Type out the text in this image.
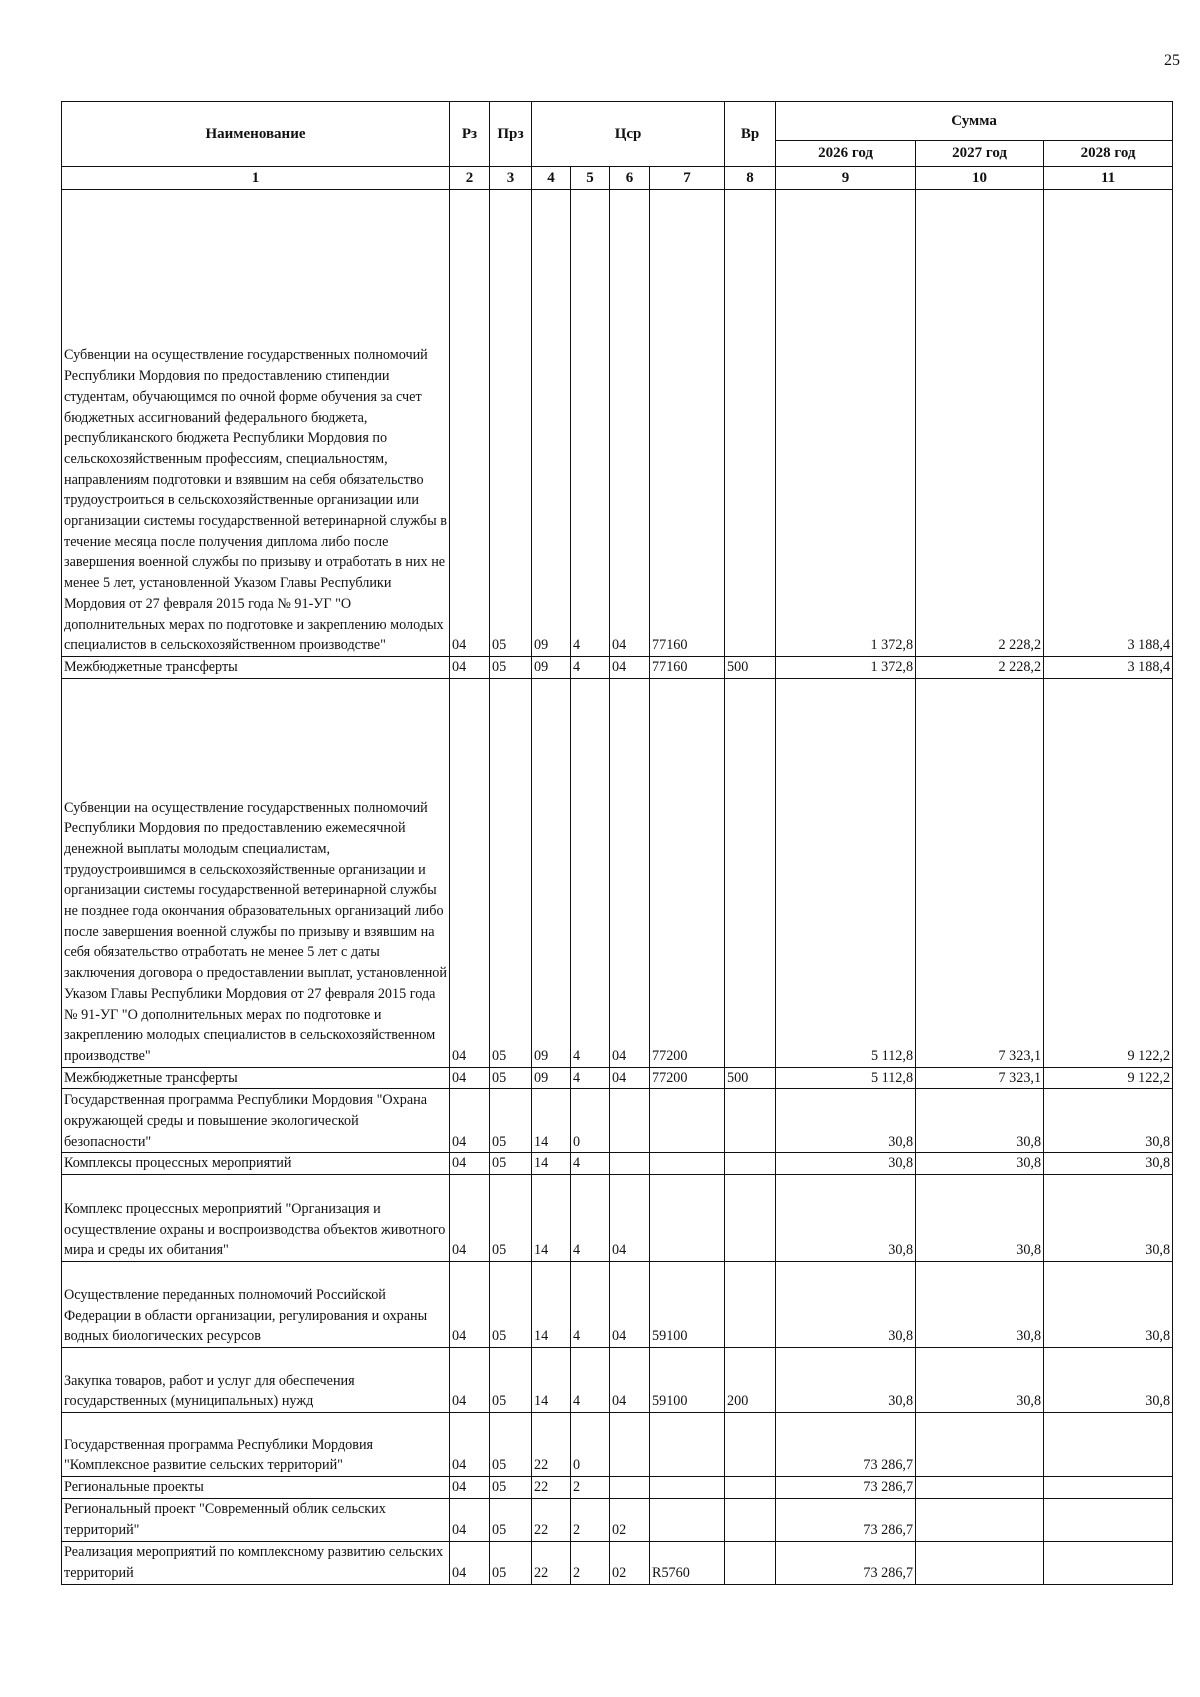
25
Наименование	Рз	Прз	Цср				Вр	Сумма		
								2026 год	2027 год	2028 год
1	2	3	4	5	6	7	8	9	10	11
Субвенции на осуществление государственных полномочий Республики Мордовия по предоставлению стипендии студентам, обучающимся по очной форме обучения за счет бюджетных ассигнований федерального бюджета, республиканского бюджета Республики Мордовия по сельскохозяйственным профессиям, специальностям, направлениям подготовки и взявшим на себя обязательство трудоустроиться в сельскохозяйственные организации или организации системы государственной ветеринарной службы в течение месяца после получения диплома либо после завершения военной службы по призыву и отработать в них не менее 5 лет, установленной Указом Главы Республики Мордовия от 27 февраля 2015 года № 91-УГ "О дополнительных мерах по подготовке и закреплению молодых специалистов в сельскохозяйственном производстве"	04	05	09	4	04	77160		1 372,8	2 228,2	3 188,4
Межбюджетные трансферты	04	05	09	4	04	77160	500	1 372,8	2 228,2	3 188,4
Субвенции на осуществление государственных полномочий Республики Мордовия по предоставлению ежемесячной денежной выплаты молодым специалистам, трудоустроившимся в сельскохозяйственные организации и организации системы государственной ветеринарной службы не позднее года окончания образовательных организаций либо после завершения военной службы по призыву и взявшим на себя обязательство отработать не менее 5 лет с даты заключения договора о предоставлении выплат, установленной Указом Главы Республики Мордовия от 27 февраля 2015 года № 91-УГ "О дополнительных мерах по подготовке и закреплению молодых специалистов в сельскохозяйственном производстве"	04	05	09	4	04	77200		5 112,8	7 323,1	9 122,2
Межбюджетные трансферты	04	05	09	4	04	77200	500	5 112,8	7 323,1	9 122,2
Государственная программа Республики Мордовия "Охрана окружающей среды и повышение экологической безопасности"	04	05	14	0				30,8	30,8	30,8
Комплексы процессных мероприятий	04	05	14	4				30,8	30,8	30,8
Комплекс процессных мероприятий "Организация и осуществление охраны и воспроизводства объектов животного мира и среды их обитания"	04	05	14	4	04			30,8	30,8	30,8
Осуществление переданных полномочий Российской Федерации в области организации, регулирования и охраны водных биологических ресурсов	04	05	14	4	04	59100		30,8	30,8	30,8
Закупка товаров, работ и услуг для обеспечения государственных (муниципальных) нужд	04	05	14	4	04	59100	200	30,8	30,8	30,8
Государственная программа Республики Мордовия "Комплексное развитие сельских территорий"	04	05	22	0				73 286,7		
Региональные проекты	04	05	22	2				73 286,7		
Региональный проект "Современный облик сельских территорий"	04	05	22	2	02			73 286,7		
Реализация мероприятий по комплексному развитию сельских территорий	04	05	22	2	02	R5760		73 286,7		
